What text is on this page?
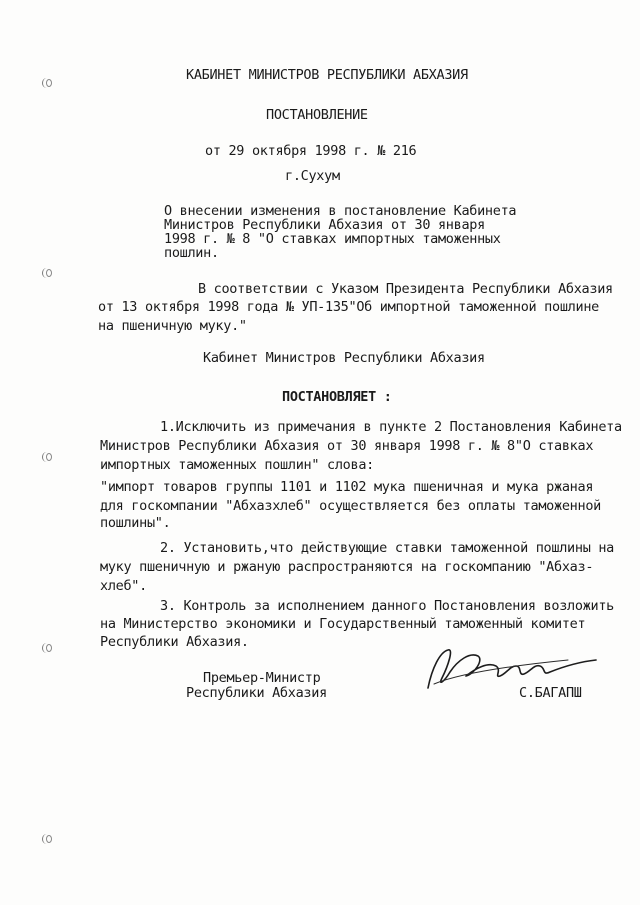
КАБИНЕТ МИНИСТРОВ РЕСПУБЛИКИ АБХАЗИЯ
ПОСТАНОВЛЕНИЕ
от 29 октября 1998 г. № 216
г.Сухум
О внесении изменения в постановление Кабинета
Министров Республики Абхазия от 30 января
1998 г. № 8 "О ставках импортных таможенных
пошлин.
В соответствии с Указом Президента Республики Абхазия
от 13 октября 1998 года № УП-135"Об импортной таможенной пошлине
на пшеничную муку."
Кабинет Министров Республики Абхазия
ПОСТАНОВЛЯЕТ :
1.Исключить из примечания в пункте 2 Постановления Кабинета
Министров Республики Абхазия от 30 января 1998 г. № 8"О ставках
импортных таможенных пошлин" слова:
"импорт товаров группы 1101 и 1102 мука пшеничная и мука ржаная
для госкомпании "Абхазхлеб" осуществляется без оплаты таможенной
пошлины".
2. Установить,что действующие ставки таможенной пошлины на
муку пшеничную и ржаную распространяются на госкомпанию "Абхаз-
хлеб".
3. Контроль за исполнением данного Постановления возложить
на Министерство экономики и Государственный таможенный комитет
Республики Абхазия.
Премьер-Министр
Республики Абхазия	С.БАГАПШ
